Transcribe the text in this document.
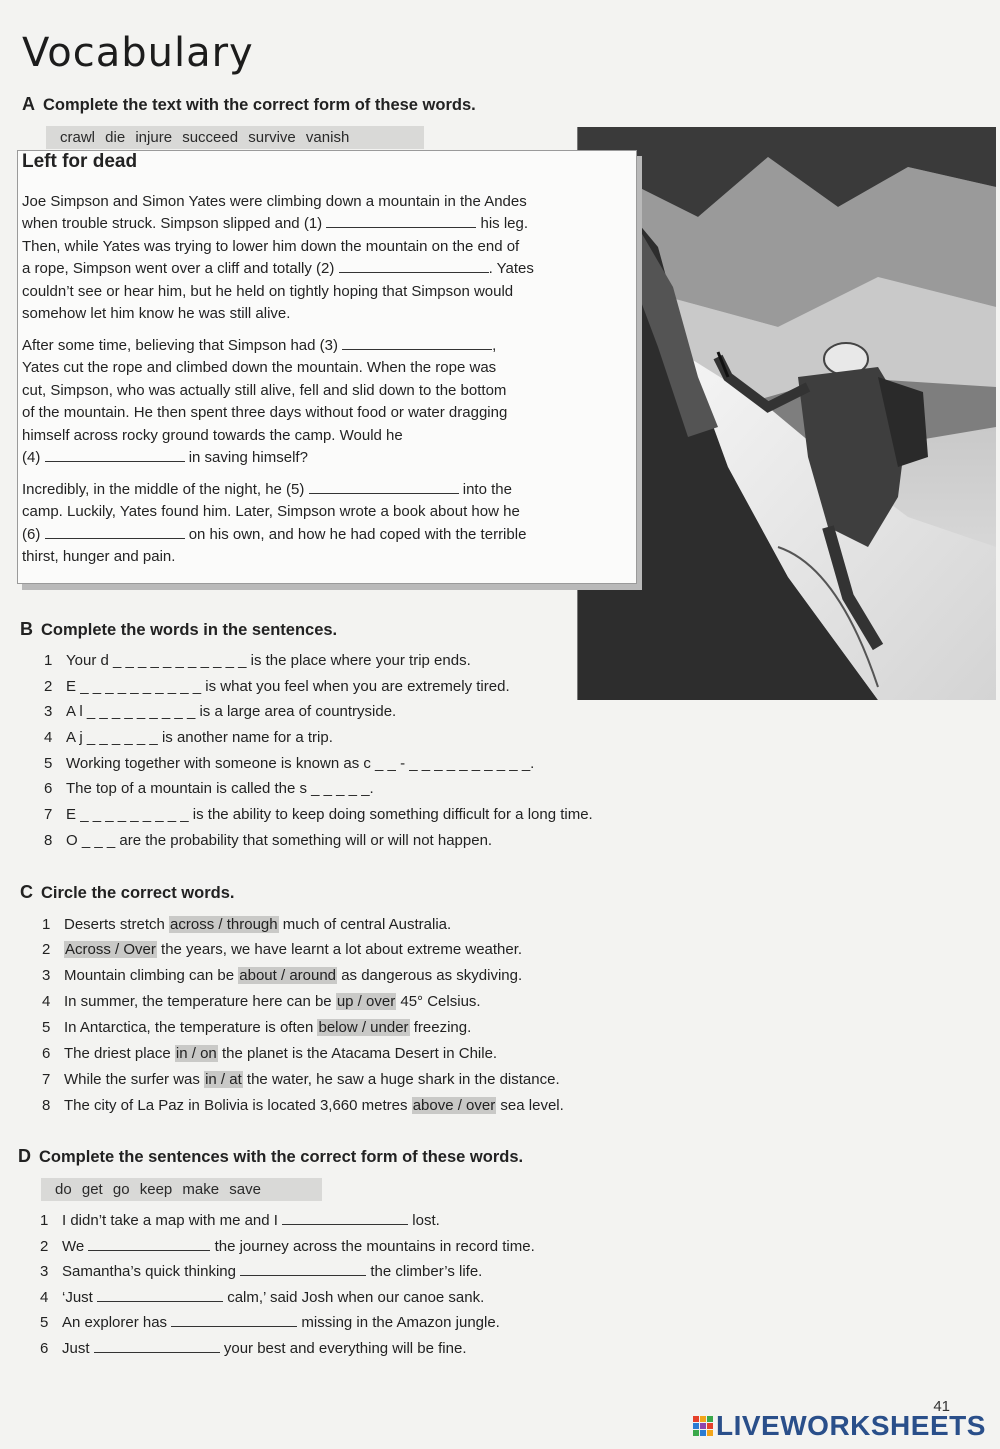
Vocabulary
A Complete the text with the correct form of these words.
crawl die injure succeed survive vanish
Left for dead
Joe Simpson and Simon Yates were climbing down a mountain in the Andes
when trouble struck. Simpson slipped and (1)	his leg.
Then, while Yates was trying to lower him down the mountain on the end of
a rope, Simpson went over a cliff and totally (2)	. Yates
couldn’t see or hear him, but he held on tightly hoping that Simpson would
somehow let him know he was still alive.
After some time, believing that Simpson had (3)	,
Yates cut the rope and climbed down the mountain. When the rope was
cut, Simpson, who was actually still alive, fell and slid down to the bottom
of the mountain. He then spent three days without food or water dragging
himself across rocky ground towards the camp. Would he
(4)	in saving himself?
Incredibly, in the middle of the night, he (5)	into the
camp. Luckily, Yates found him. Later, Simpson wrote a book about how he
(6)	on his own, and how he had coped with the terrible
thirst, hunger and pain.
B Complete the words in the sentences.
1 Your d _ _ _ _ _ _ _ _ _ _ _ is the place where your trip ends.
2 E _ _ _ _ _ _ _ _ _ _ is what you feel when you are extremely tired.
3 A l _ _ _ _ _ _ _ _ _ is a large area of countryside.
4 A j _ _ _ _ _ _ is another name for a trip.
5 Working together with someone is known as c _ _ - _ _ _ _ _ _ _ _ _ _.
6 The top of a mountain is called the s _ _ _ _ _.
7 E _ _ _ _ _ _ _ _ _ is the ability to keep doing something difficult for a long time.
8 O _ _ _ are the probability that something will or will not happen.
C Circle the correct words.
1 Deserts stretch across / through much of central Australia.
2 Across / Over the years, we have learnt a lot about extreme weather.
3 Mountain climbing can be about / around as dangerous as skydiving.
4 In summer, the temperature here can be up / over 45° Celsius.
5 In Antarctica, the temperature is often below / under freezing.
6 The driest place in / on the planet is the Atacama Desert in Chile.
7 While the surfer was in / at the water, he saw a huge shark in the distance.
8 The city of La Paz in Bolivia is located 3,660 metres above / over sea level.
D Complete the sentences with the correct form of these words.
do get go keep make save
1 I didn’t take a map with me and I	lost.
2 We	the journey across the mountains in record time.
3 Samantha’s quick thinking	the climber’s life.
4 ‘Just	calm,’ said Josh when our canoe sank.
5 An explorer has	missing in the Amazon jungle.
6 Just	your best and everything will be fine.
41
LIVEWORKSHEETS
